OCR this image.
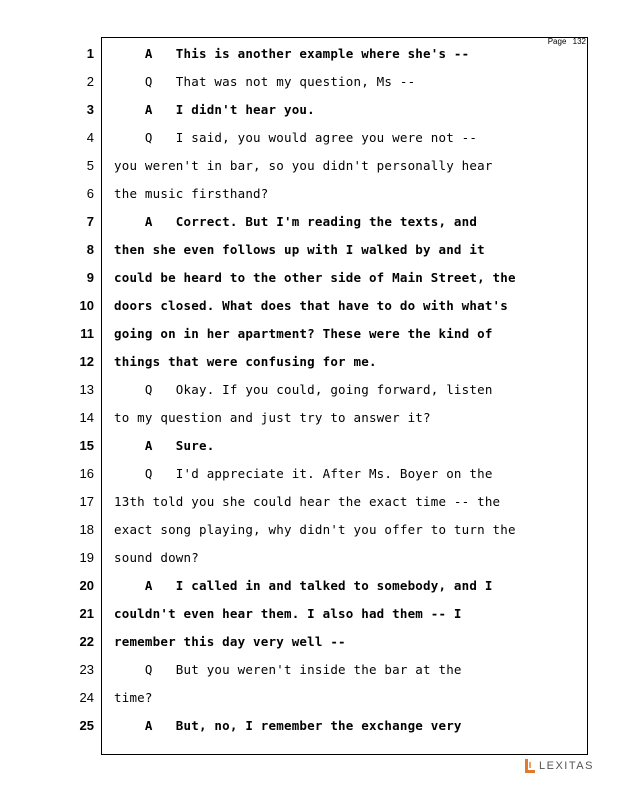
Page 132
1
2
3
4
5
6
7
8
9
10
11
12
13
14
15
16
17
18
19
20
21
22
23
24
25
A   This is another example where she's --
Q   That was not my question, Ms --
A   I didn't hear you.
Q   I said, you would agree you were not --
you weren't in bar, so you didn't personally hear
the music firsthand?
A   Correct. But I'm reading the texts, and
then she even follows up with I walked by and it
could be heard to the other side of Main Street, the
doors closed. What does that have to do with what's
going on in her apartment? These were the kind of
things that were confusing for me.
Q   Okay. If you could, going forward, listen
to my question and just try to answer it?
A   Sure.
Q   I'd appreciate it. After Ms. Boyer on the
13th told you she could hear the exact time -- the
exact song playing, why didn't you offer to turn the
sound down?
A   I called in and talked to somebody, and I
couldn't even hear them. I also had them -- I
remember this day very well --
Q   But you weren't inside the bar at the
time?
A   But, no, I remember the exchange very
LEXITAS
